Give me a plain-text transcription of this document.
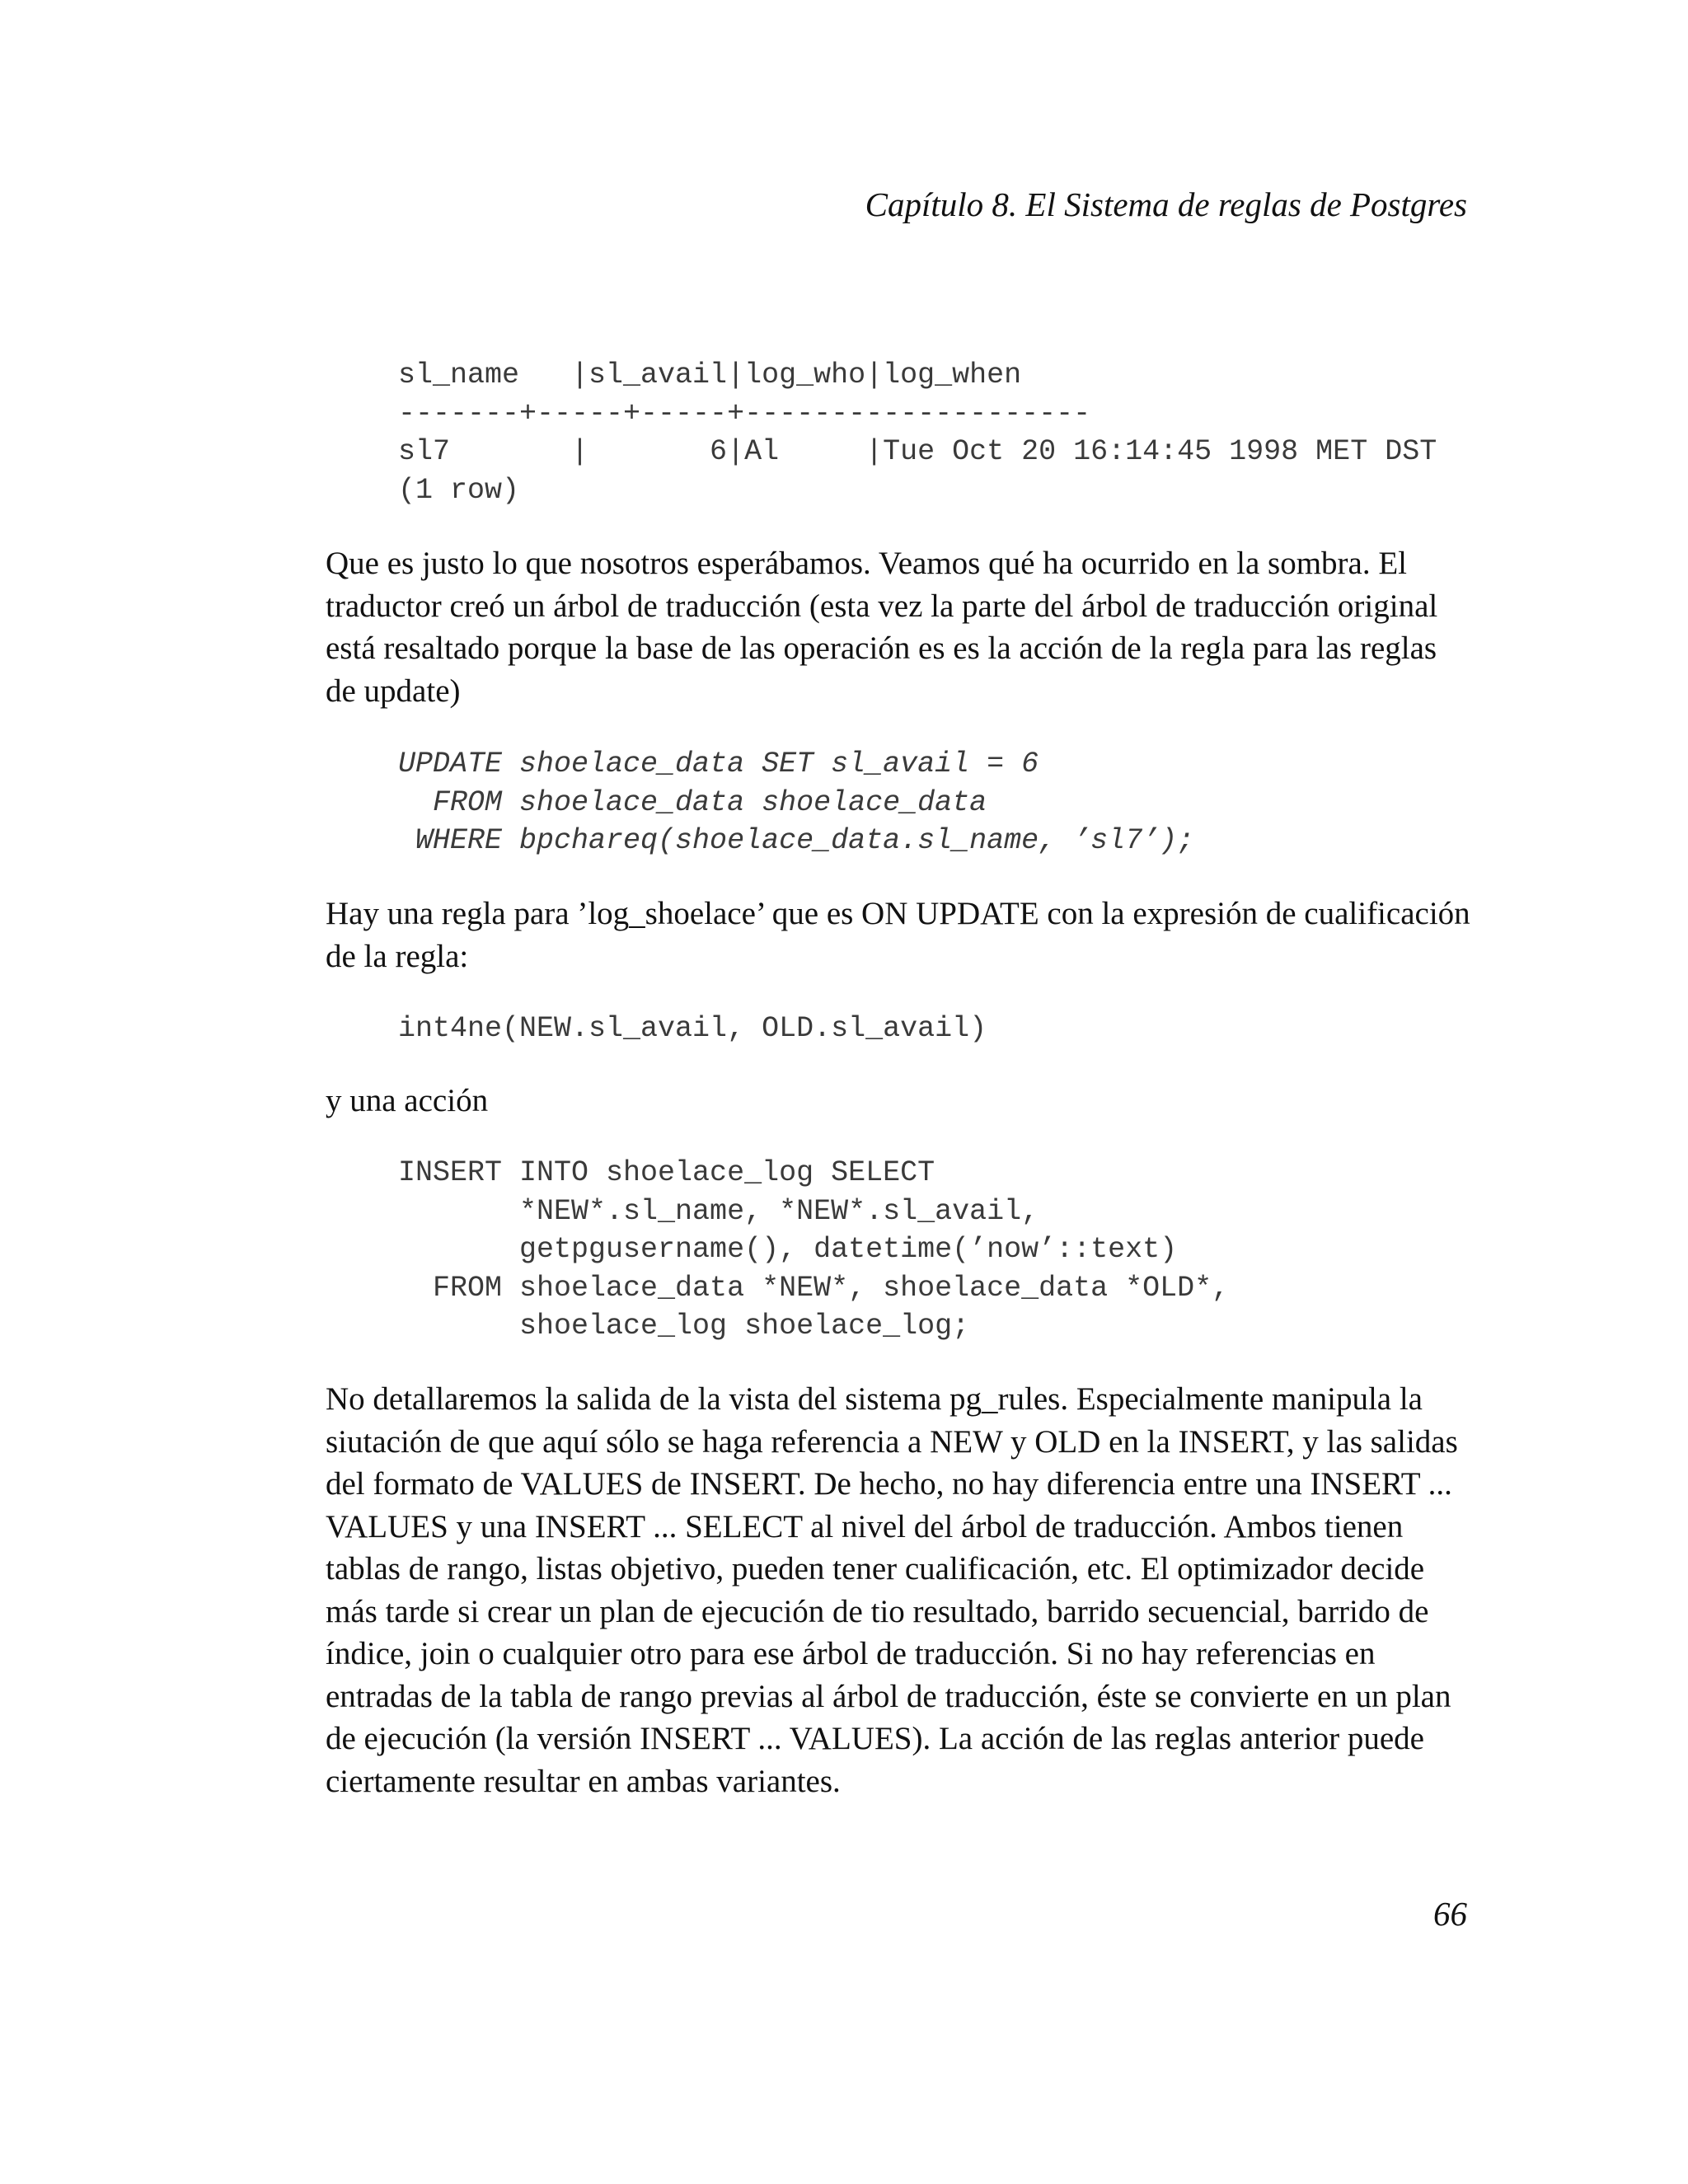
Capítulo 8. El Sistema de reglas de Postgres
sl_name   |sl_avail|log_who|log_when
-------+-----+-----+--------------------
sl7       |       6|Al     |Tue Oct 20 16:14:45 1998 MET DST
(1 row)

Que es justo lo que nosotros esperábamos. Veamos qué ha ocurrido en la sombra. El traductor creó un árbol de traducción (esta vez la parte del árbol de traducción original está resaltado porque la base de las operación es es la acción de la regla para las reglas de update)

UPDATE shoelace_data SET sl_avail = 6
FROM shoelace_data shoelace_data
WHERE bpchareq(shoelace_data.sl_name, ’sl7’);

Hay una regla para ’log_shoelace’ que es ON UPDATE con la expresión de cualificación de la regla:

int4ne(NEW.sl_avail, OLD.sl_avail)

y una acción

INSERT INTO shoelace_log SELECT
*NEW*.sl_name, *NEW*.sl_avail,
getpgusername(), datetime(’now’::text)
FROM shoelace_data *NEW*, shoelace_data *OLD*,
shoelace_log shoelace_log;

No detallaremos la salida de la vista del sistema pg_rules. Especialmente manipula la siutación de que aquí sólo se haga referencia a NEW y OLD en la INSERT, y las salidas del formato de VALUES de INSERT. De hecho, no hay diferencia entre una INSERT ... VALUES y una INSERT ... SELECT al nivel del árbol de traducción. Ambos tienen tablas de rango, listas objetivo, pueden tener cualificación, etc. El optimizador decide más tarde si crear un plan de ejecución de tio resultado, barrido secuencial, barrido de índice, join o cualquier otro para ese árbol de traducción. Si no hay referencias en entradas de la tabla de rango previas al árbol de traducción, éste se convierte en un plan de ejecución (la versión INSERT ... VALUES). La acción de las reglas anterior puede ciertamente resultar en ambas variantes.

66
